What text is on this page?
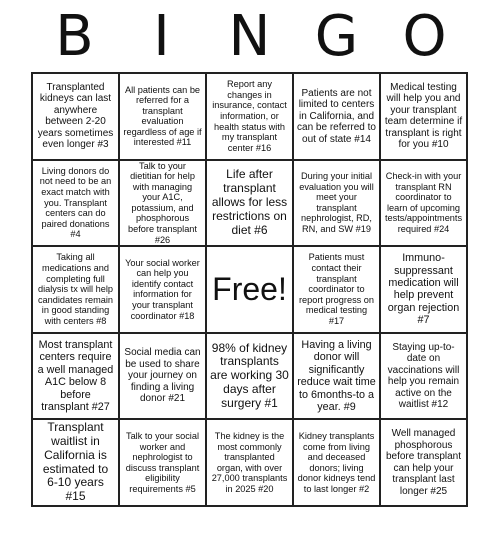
B	I	N G O
Transplanted kidneys can last anywhere between 2-20 years sometimes even longer #3
All patients can be referred for a transplant evaluation regardless of age if interested #11
Report any changes in insurance, contact information, or health status with my transplant center #16
Patients are not limited to centers in California, and can be referred to out of state #14
Medical testing will help you and your transplant team determine if transplant is right for you #10
Living donors do not need to be an exact match with you. Transplant centers can do paired donations #4
Talk to your dietitian for help with managing your A1C, potassium, and phosphorous before transplant #26
Life after transplant allows for less restrictions on diet #6
During your initial evaluation you will meet your transplant nephrologist, RD, RN, and SW #19
Check-in with your transplant RN coordinator to learn of upcoming tests/appointments required #24
Taking all medications and completing full dialysis tx will help candidates remain in good standing with centers #8
Your social worker can help you identify contact information for your transplant coordinator #18
Free!
Patients must contact their transplant coordinator to report progress on medical testing #17
Immuno-suppressant medication will help prevent organ rejection #7
Most transplant centers require a well managed A1C below 8 before transplant #27
Social media can be used to share your journey on finding a living donor #21
98% of kidney transplants are working 30 days after surgery #1
Having a living donor will significantly reduce wait time to 6months-to a year. #9
Staying up-to-date on vaccinations will help you remain active on the waitlist #12
Transplant waitlist in California is estimated to 6-10 years #15
Talk to your social worker and nephrologist to discuss transplant eligibility requirements #5
The kidney is the most commonly transplanted organ, with over 27,000 transplants in 2025 #20
Kidney transplants come from living and deceased donors; living donor kidneys tend to last longer #2
Well managed phosphorous before transplant can help your transplant last longer #25
